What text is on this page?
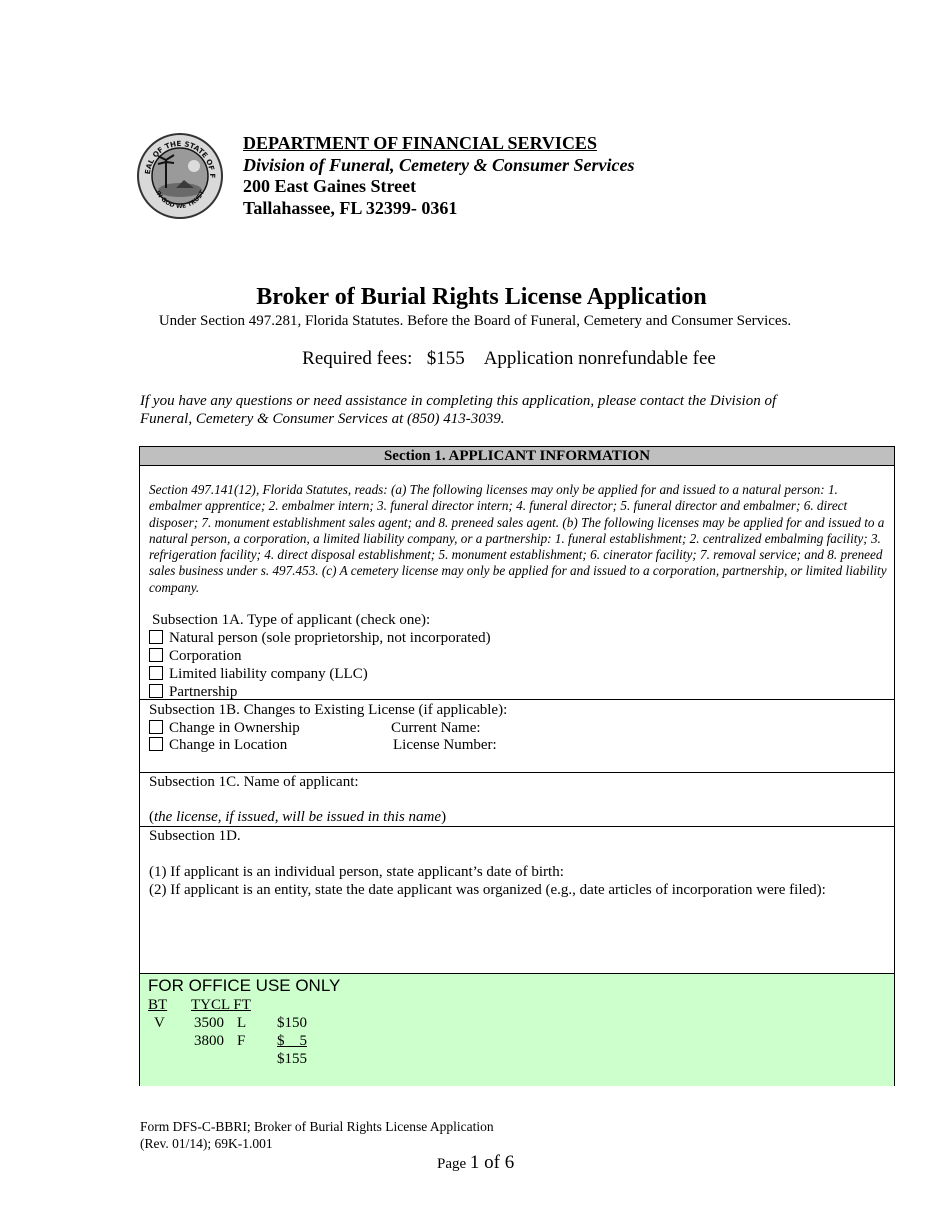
EAL OF THE STATE OF F
IN GOD WE TRUST
DEPARTMENT OF FINANCIAL SERVICES
Division of Funeral, Cemetery & Consumer Services
200 East Gaines Street
Tallahassee, FL 32399- 0361
Broker of Burial Rights License Application
Under Section 497.281, Florida Statutes. Before the Board of Funeral, Cemetery and Consumer Services.
Required fees: $155 Application nonrefundable fee
If you have any questions or need assistance in completing this application, please contact the Division of Funeral, Cemetery & Consumer Services at (850) 413-3039.
Section 1. APPLICANT INFORMATION
Section 497.141(12), Florida Statutes, reads: (a) The following licenses may only be applied for and issued to a natural person: 1. embalmer apprentice; 2. embalmer intern; 3. funeral director intern; 4. funeral director; 5. funeral director and embalmer; 6. direct disposer; 7. monument establishment sales agent; and 8. preneed sales agent. (b) The following licenses may be applied for and issued to a natural person, a corporation, a limited liability company, or a partnership: 1. funeral establishment; 2. centralized embalming facility; 3. refrigeration facility; 4. direct disposal establishment; 5. monument establishment; 6. cinerator facility; 7. removal service; and 8. preneed sales business under s. 497.453. (c) A cemetery license may only be applied for and issued to a corporation, partnership, or limited liability company.
Subsection 1A. Type of applicant (check one):
Natural person (sole proprietorship, not incorporated)
Corporation
Limited liability company (LLC)
Partnership
Subsection 1B. Changes to Existing License (if applicable):
Change in Ownership	Current Name:
Change in Location	License Number:
Subsection 1C. Name of applicant:
(the license, if issued, will be issued in this name)
Subsection 1D.
(1) If applicant is an individual person, state applicant’s date of birth:
(2) If applicant is an entity, state the date applicant was organized (e.g., date articles of incorporation were filed):
FOR OFFICE USE ONLY
BT TYCL FT
V 3500 L $150
3800 F $    5
$155
Form DFS-C-BBRI; Broker of Burial Rights License Application
(Rev. 01/14); 69K-1.001
Page 1 of 6
